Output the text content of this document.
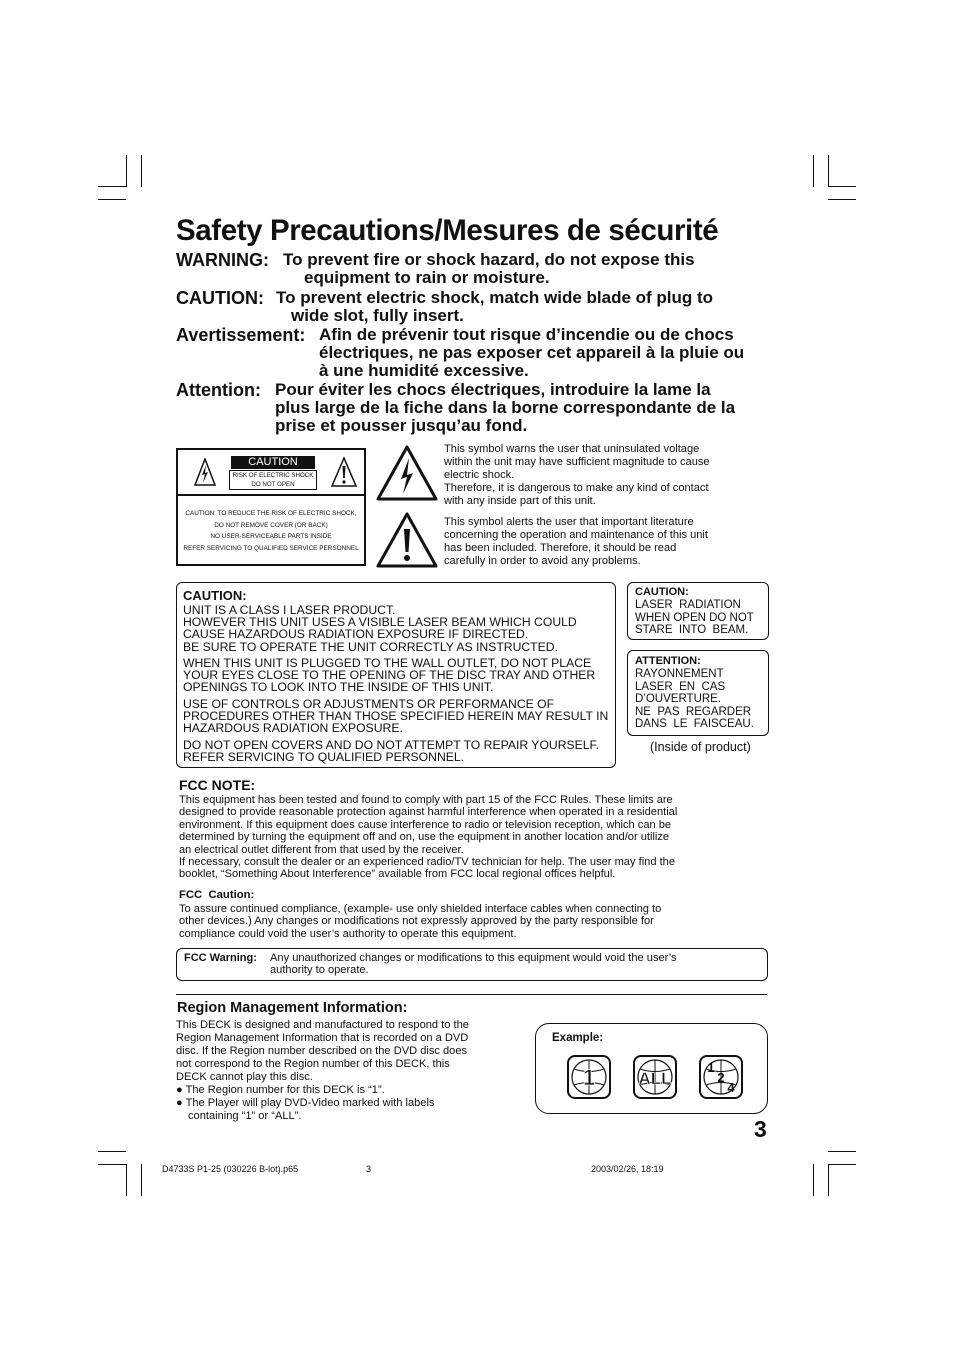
Safety Precautions/Mesures de sécurité
WARNING: To prevent fire or shock hazard, do not expose this
equipment to rain or moisture.
CAUTION: To prevent electric shock, match wide blade of plug to
wide slot, fully insert.
Avertissement: Afin de prévenir tout risque d’incendie ou de chocs
électriques, ne pas exposer cet appareil à la pluie ou
à une humidité excessive.
Attention: Pour éviter les chocs électriques, introduire la lame la
plus large de la fiche dans la borne correspondante de la
prise et pousser jusqu’au fond.
CAUTION
RISK OF ELECTRIC SHOCK
DO NOT OPEN
CAUTION: TO REDUCE THE RISK OF ELECTRIC SHOCK,
DO NOT REMOVE COVER (OR BACK)
NO USER-SERVICEABLE PARTS INSIDE
REFER SERVICING TO QUALIFIED SERVICE PERSONNEL
This symbol warns the user that uninsulated voltage
within the unit may have sufficient magnitude to cause
electric shock.
Therefore, it is dangerous to make any kind of contact
with any inside part of this unit.
This symbol alerts the user that important literature
concerning the operation and maintenance of this unit
has been included. Therefore, it should be read
carefully in order to avoid any problems.
CAUTION:
UNIT IS A CLASS I LASER PRODUCT.
HOWEVER THIS UNIT USES A VISIBLE LASER BEAM WHICH COULD
CAUSE HAZARDOUS RADIATION EXPOSURE IF DIRECTED.
BE SURE TO OPERATE THE UNIT CORRECTLY AS INSTRUCTED.
WHEN THIS UNIT IS PLUGGED TO THE WALL OUTLET, DO NOT PLACE
YOUR EYES CLOSE TO THE OPENING OF THE DISC TRAY AND OTHER
OPENINGS TO LOOK INTO THE INSIDE OF THIS UNIT.
USE OF CONTROLS OR ADJUSTMENTS OR PERFORMANCE OF
PROCEDURES OTHER THAN THOSE SPECIFIED HEREIN MAY RESULT IN
HAZARDOUS RADIATION EXPOSURE.
DO NOT OPEN COVERS AND DO NOT ATTEMPT TO REPAIR YOURSELF.
REFER SERVICING TO QUALIFIED PERSONNEL.
CAUTION:
LASER  RADIATION
WHEN OPEN DO NOT
STARE  INTO  BEAM.
ATTENTION:
RAYONNEMENT
LASER  EN  CAS
D’OUVERTURE.
NE  PAS  REGARDER
DANS  LE  FAISCEAU.
(Inside of product)
FCC NOTE:
This equipment has been tested and found to comply with part 15 of the FCC Rules. These limits are
designed to provide reasonable protection against harmful interference when operated in a residential
environment. If this equipment does cause interference to radio or television reception, which can be
determined by turning the equipment off and on, use the equipment in another location and/or utilize
an electrical outlet different from that used by the receiver.
If necessary, consult the dealer or an experienced radio/TV technician for help. The user may find the
booklet, “Something About Interference” available from FCC local regional offices helpful.
FCC  Caution:
To assure continued compliance, (example- use only shielded interface cables when connecting to
other devices.) Any changes or modifications not expressly approved by the party responsible for
compliance could void the user’s authority to operate this equipment.
FCC Warning: Any unauthorized changes or modifications to this equipment would void the user’s
authority to operate.
Region Management Information:
This DECK is designed and manufactured to respond to the
Region Management Information that is recorded on a DVD
disc. If the Region number described on the DVD disc does
not correspond to the Region number of this DECK, this
DECK cannot play this disc.
● The Region number for this DECK is “1”.
● The Player will play DVD-Video marked with labels
containing “1” or “ALL”.
Example:
1	ALL
1
2
4
3
D4733S P1-25 (030226 B-lot).p65	3	2003/02/26, 18:19
